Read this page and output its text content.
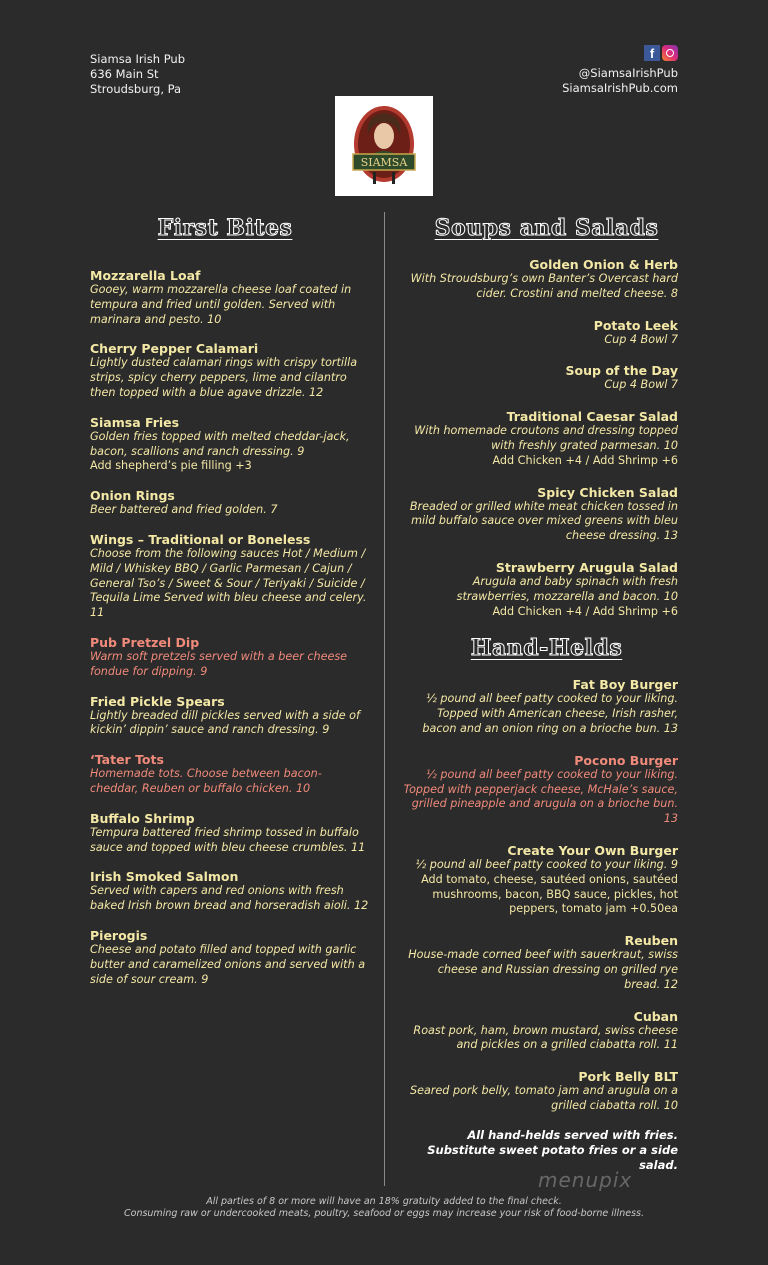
Siamsa Irish Pub
636 Main St
Stroudsburg, Pa
f
@SiamsaIrishPub
SiamsaIrishPub.com
SIAMSA
First Bites
Mozzarella Loaf
Gooey, warm mozzarella cheese loaf coated in tempura and fried until golden. Served with marinara and pesto. 10
Cherry Pepper Calamari
Lightly dusted calamari rings with crispy tortilla strips, spicy cherry peppers, lime and cilantro then topped with a blue agave drizzle. 12
Siamsa Fries
Golden fries topped with melted cheddar-jack, bacon, scallions and ranch dressing. 9
Add shepherd’s pie filling +3
Onion Rings
Beer battered and fried golden. 7
Wings – Traditional or Boneless
Choose from the following sauces Hot / Medium / Mild / Whiskey BBQ / Garlic Parmesan / Cajun / General Tso’s / Sweet & Sour / Teriyaki / Suicide / Tequila Lime Served with bleu cheese and celery. 11
Pub Pretzel Dip
Warm soft pretzels served with a beer cheese fondue for dipping. 9
Fried Pickle Spears
Lightly breaded dill pickles served with a side of kickin’ dippin’ sauce and ranch dressing. 9
‘Tater Tots
Homemade tots. Choose between bacon-cheddar, Reuben or buffalo chicken. 10
Buffalo Shrimp
Tempura battered fried shrimp tossed in buffalo sauce and topped with bleu cheese crumbles. 11
Irish Smoked Salmon
Served with capers and red onions with fresh baked Irish brown bread and horseradish aioli. 12
Pierogis
Cheese and potato filled and topped with garlic butter and caramelized onions and served with a side of sour cream. 9
Soups and Salads
Golden Onion & Herb
With Stroudsburg’s own Banter’s Overcast hard cider. Crostini and melted cheese. 8
Potato Leek
Cup 4 Bowl 7
Soup of the Day
Cup 4 Bowl 7
Traditional Caesar Salad
With homemade croutons and dressing topped with freshly grated parmesan. 10
Add Chicken +4 / Add Shrimp +6
Spicy Chicken Salad
Breaded or grilled white meat chicken tossed in mild buffalo sauce over mixed greens with bleu cheese dressing. 13
Strawberry Arugula Salad
Arugula and baby spinach with fresh strawberries, mozzarella and bacon. 10
Add Chicken +4 / Add Shrimp +6
Hand-Helds
Fat Boy Burger
½ pound all beef patty cooked to your liking. Topped with American cheese, Irish rasher, bacon and an onion ring on a brioche bun. 13
Pocono Burger
½ pound all beef patty cooked to your liking. Topped with pepperjack cheese, McHale’s sauce, grilled pineapple and arugula on a brioche bun. 13
Create Your Own Burger
½ pound all beef patty cooked to your liking. 9
Add tomato, cheese, sautéed onions, sautéed mushrooms, bacon, BBQ sauce, pickles, hot peppers, tomato jam +0.50ea
Reuben
House-made corned beef with sauerkraut, swiss cheese and Russian dressing on grilled rye bread. 12
Cuban
Roast pork, ham, brown mustard, swiss cheese and pickles on a grilled ciabatta roll. 11
Pork Belly BLT
Seared pork belly, tomato jam and arugula on a grilled ciabatta roll. 10
All hand-helds served with fries. Substitute sweet potato fries or a side salad.
menupix
All parties of 8 or more will have an 18% gratuity added to the final check.
Consuming raw or undercooked meats, poultry, seafood or eggs may increase your risk of food-borne illness.
